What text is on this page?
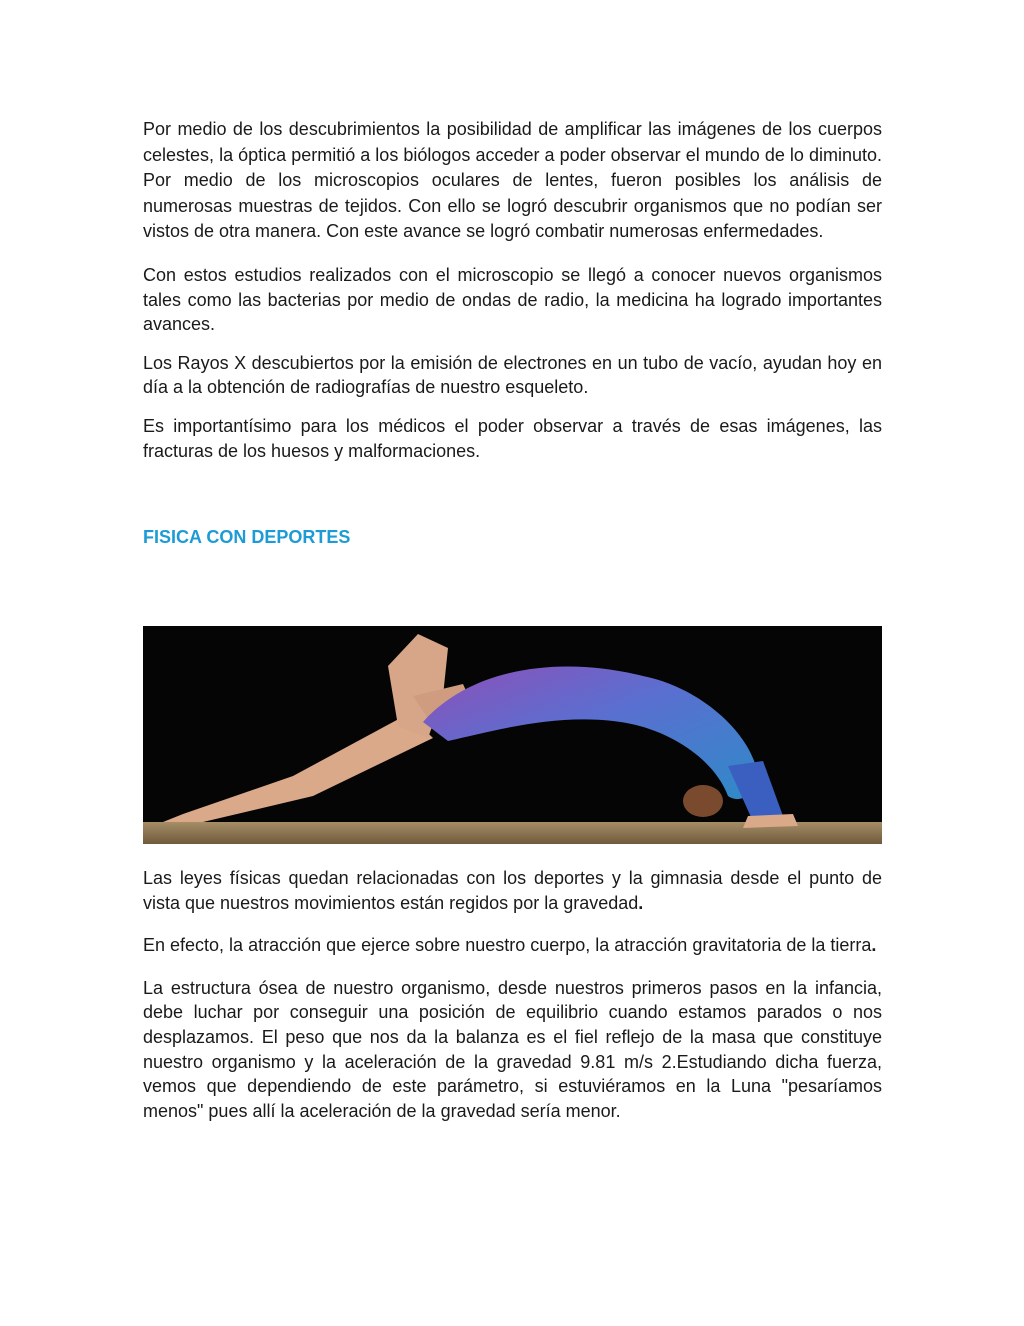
Por medio de los descubrimientos la posibilidad de amplificar las imágenes de los cuerpos celestes, la óptica permitió a los biólogos acceder a poder observar el mundo de lo diminuto. Por medio de los microscopios oculares de lentes, fueron posibles los análisis de numerosas muestras de tejidos. Con ello se logró descubrir organismos que no podían ser vistos de otra manera. Con este avance se logró combatir numerosas enfermedades.

Con estos estudios realizados con el microscopio se llegó a conocer nuevos organismos tales como las bacterias por medio de ondas de radio, la medicina ha logrado importantes avances.

Los Rayos X descubiertos por la emisión de electrones en un tubo de vacío, ayudan hoy en día a la obtención de radiografías de nuestro esqueleto.

Es importantísimo para los médicos el poder observar a través de esas imágenes, las fracturas de los huesos y malformaciones.

FISICA CON DEPORTES

Las leyes físicas quedan relacionadas con los deportes y la gimnasia desde el punto de vista que nuestros movimientos están regidos por la gravedad.

En efecto, la atracción que ejerce sobre nuestro cuerpo, la atracción gravitatoria de la tierra.

La estructura ósea de nuestro organismo, desde nuestros primeros pasos en la infancia, debe luchar por conseguir una posición de equilibrio cuando estamos parados o nos desplazamos. El peso que nos da la balanza es el fiel reflejo de la masa que constituye nuestro organismo y la aceleración de la gravedad 9.81 m/s 2.Estudiando dicha fuerza, vemos que dependiendo de este parámetro, si estuviéramos en la Luna "pesaríamos menos" pues allí la aceleración de la gravedad sería menor.
